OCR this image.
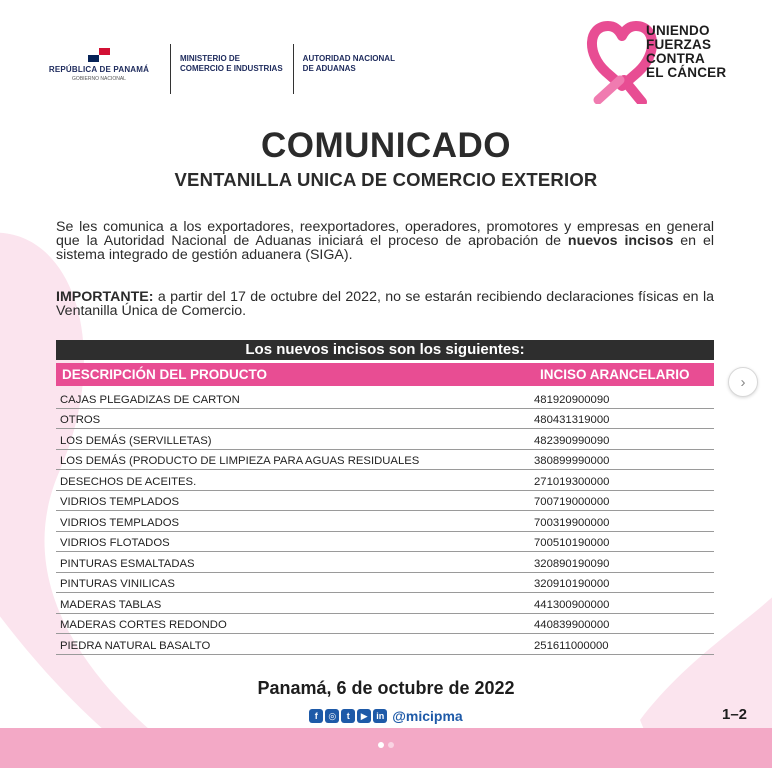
REPÚBLICA DE PANAMÁ
GOBIERNO NACIONAL
MINISTERIO DE
COMERCIO E INDUSTRIAS
AUTORIDAD NACIONAL
DE ADUANAS
UNIENDO
FUERZAS
CONTRA
EL CÁNCER
COMUNICADO
VENTANILLA UNICA DE COMERCIO EXTERIOR
Se les comunica a los exportadores, reexportadores, operadores, promotores y empresas en general que la Autoridad Nacional de Aduanas iniciará el proceso de aprobación de nuevos incisos en el sistema integrado de gestión aduanera (SIGA).
IMPORTANTE: a partir del 17 de octubre del 2022, no se estarán recibiendo declaraciones físicas en la Ventanilla Única de Comercio.
Los nuevos incisos son los siguientes:
DESCRIPCIÓN DEL PRODUCTO	INCISO ARANCELARIO
CAJAS PLEGADIZAS DE CARTON	481920900090
OTROS	480431319000
LOS DEMÁS (SERVILLETAS)	482390990090
LOS DEMÁS (PRODUCTO DE LIMPIEZA PARA AGUAS RESIDUALES	380899990000
DESECHOS DE ACEITES.	271019300000
VIDRIOS TEMPLADOS	700719000000
VIDRIOS TEMPLADOS	700319900000
VIDRIOS FLOTADOS	700510190000
PINTURAS ESMALTADAS	320890190090
PINTURAS VINILICAS	320910190000
MADERAS TABLAS	441300900000
MADERAS CORTES REDONDO	440839900000
PIEDRA NATURAL BASALTO	251611000000
Panamá, 6 de octubre de 2022
f	◎	t	▶ in @micipma	1–2
›
